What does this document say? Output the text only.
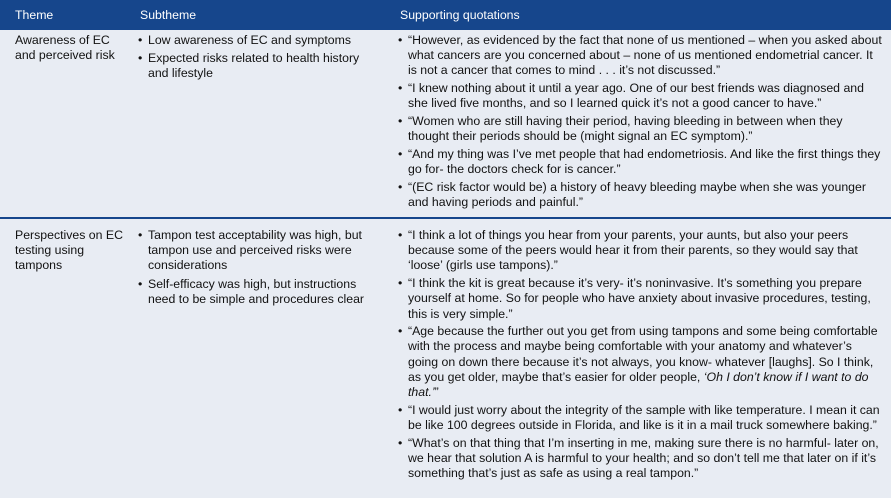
Theme	Subtheme	Supporting quotations
Awareness of EC and perceived risk
• Low awareness of EC and symptoms
• Expected risks related to health history and lifestyle
• “However, as evidenced by the fact that none of us mentioned – when you asked about what cancers are you concerned about – none of us mentioned endometrial cancer. It is not a cancer that comes to mind . . . it’s not discussed.”
• “I knew nothing about it until a year ago. One of our best friends was diagnosed and she lived five months, and so I learned quick it’s not a good cancer to have.”
• “Women who are still having their period, having bleeding in between when they thought their periods should be (might signal an EC symptom).”
• “And my thing was I’ve met people that had endometriosis. And like the first things they go for- the doctors check for is cancer.”
• “(EC risk factor would be) a history of heavy bleeding maybe when she was younger and having periods and painful.”
Perspectives on EC testing using tampons
• Tampon test acceptability was high, but tampon use and perceived risks were considerations
• Self-efficacy was high, but instructions need to be simple and procedures clear
• “I think a lot of things you hear from your parents, your aunts, but also your peers because some of the peers would hear it from their parents, so they would say that ‘loose’ (girls use tampons).”
• “I think the kit is great because it’s very- it’s noninvasive. It’s something you prepare yourself at home. So for people who have anxiety about invasive procedures, testing, this is very simple.”
• “Age because the further out you get from using tampons and some being comfortable with the process and maybe being comfortable with your anatomy and whatever’s going on down there because it’s not always, you know- whatever [laughs]. So I think, as you get older, maybe that’s easier for older people, ‘Oh I don’t know if I want to do that.’”
• “I would just worry about the integrity of the sample with like temperature. I mean it can be like 100 degrees outside in Florida, and like is it in a mail truck somewhere baking.”
• “What’s on that thing that I’m inserting in me, making sure there is no harmful- later on, we hear that solution A is harmful to your health; and so don’t tell me that later on if it’s something that’s just as safe as using a real tampon.”
